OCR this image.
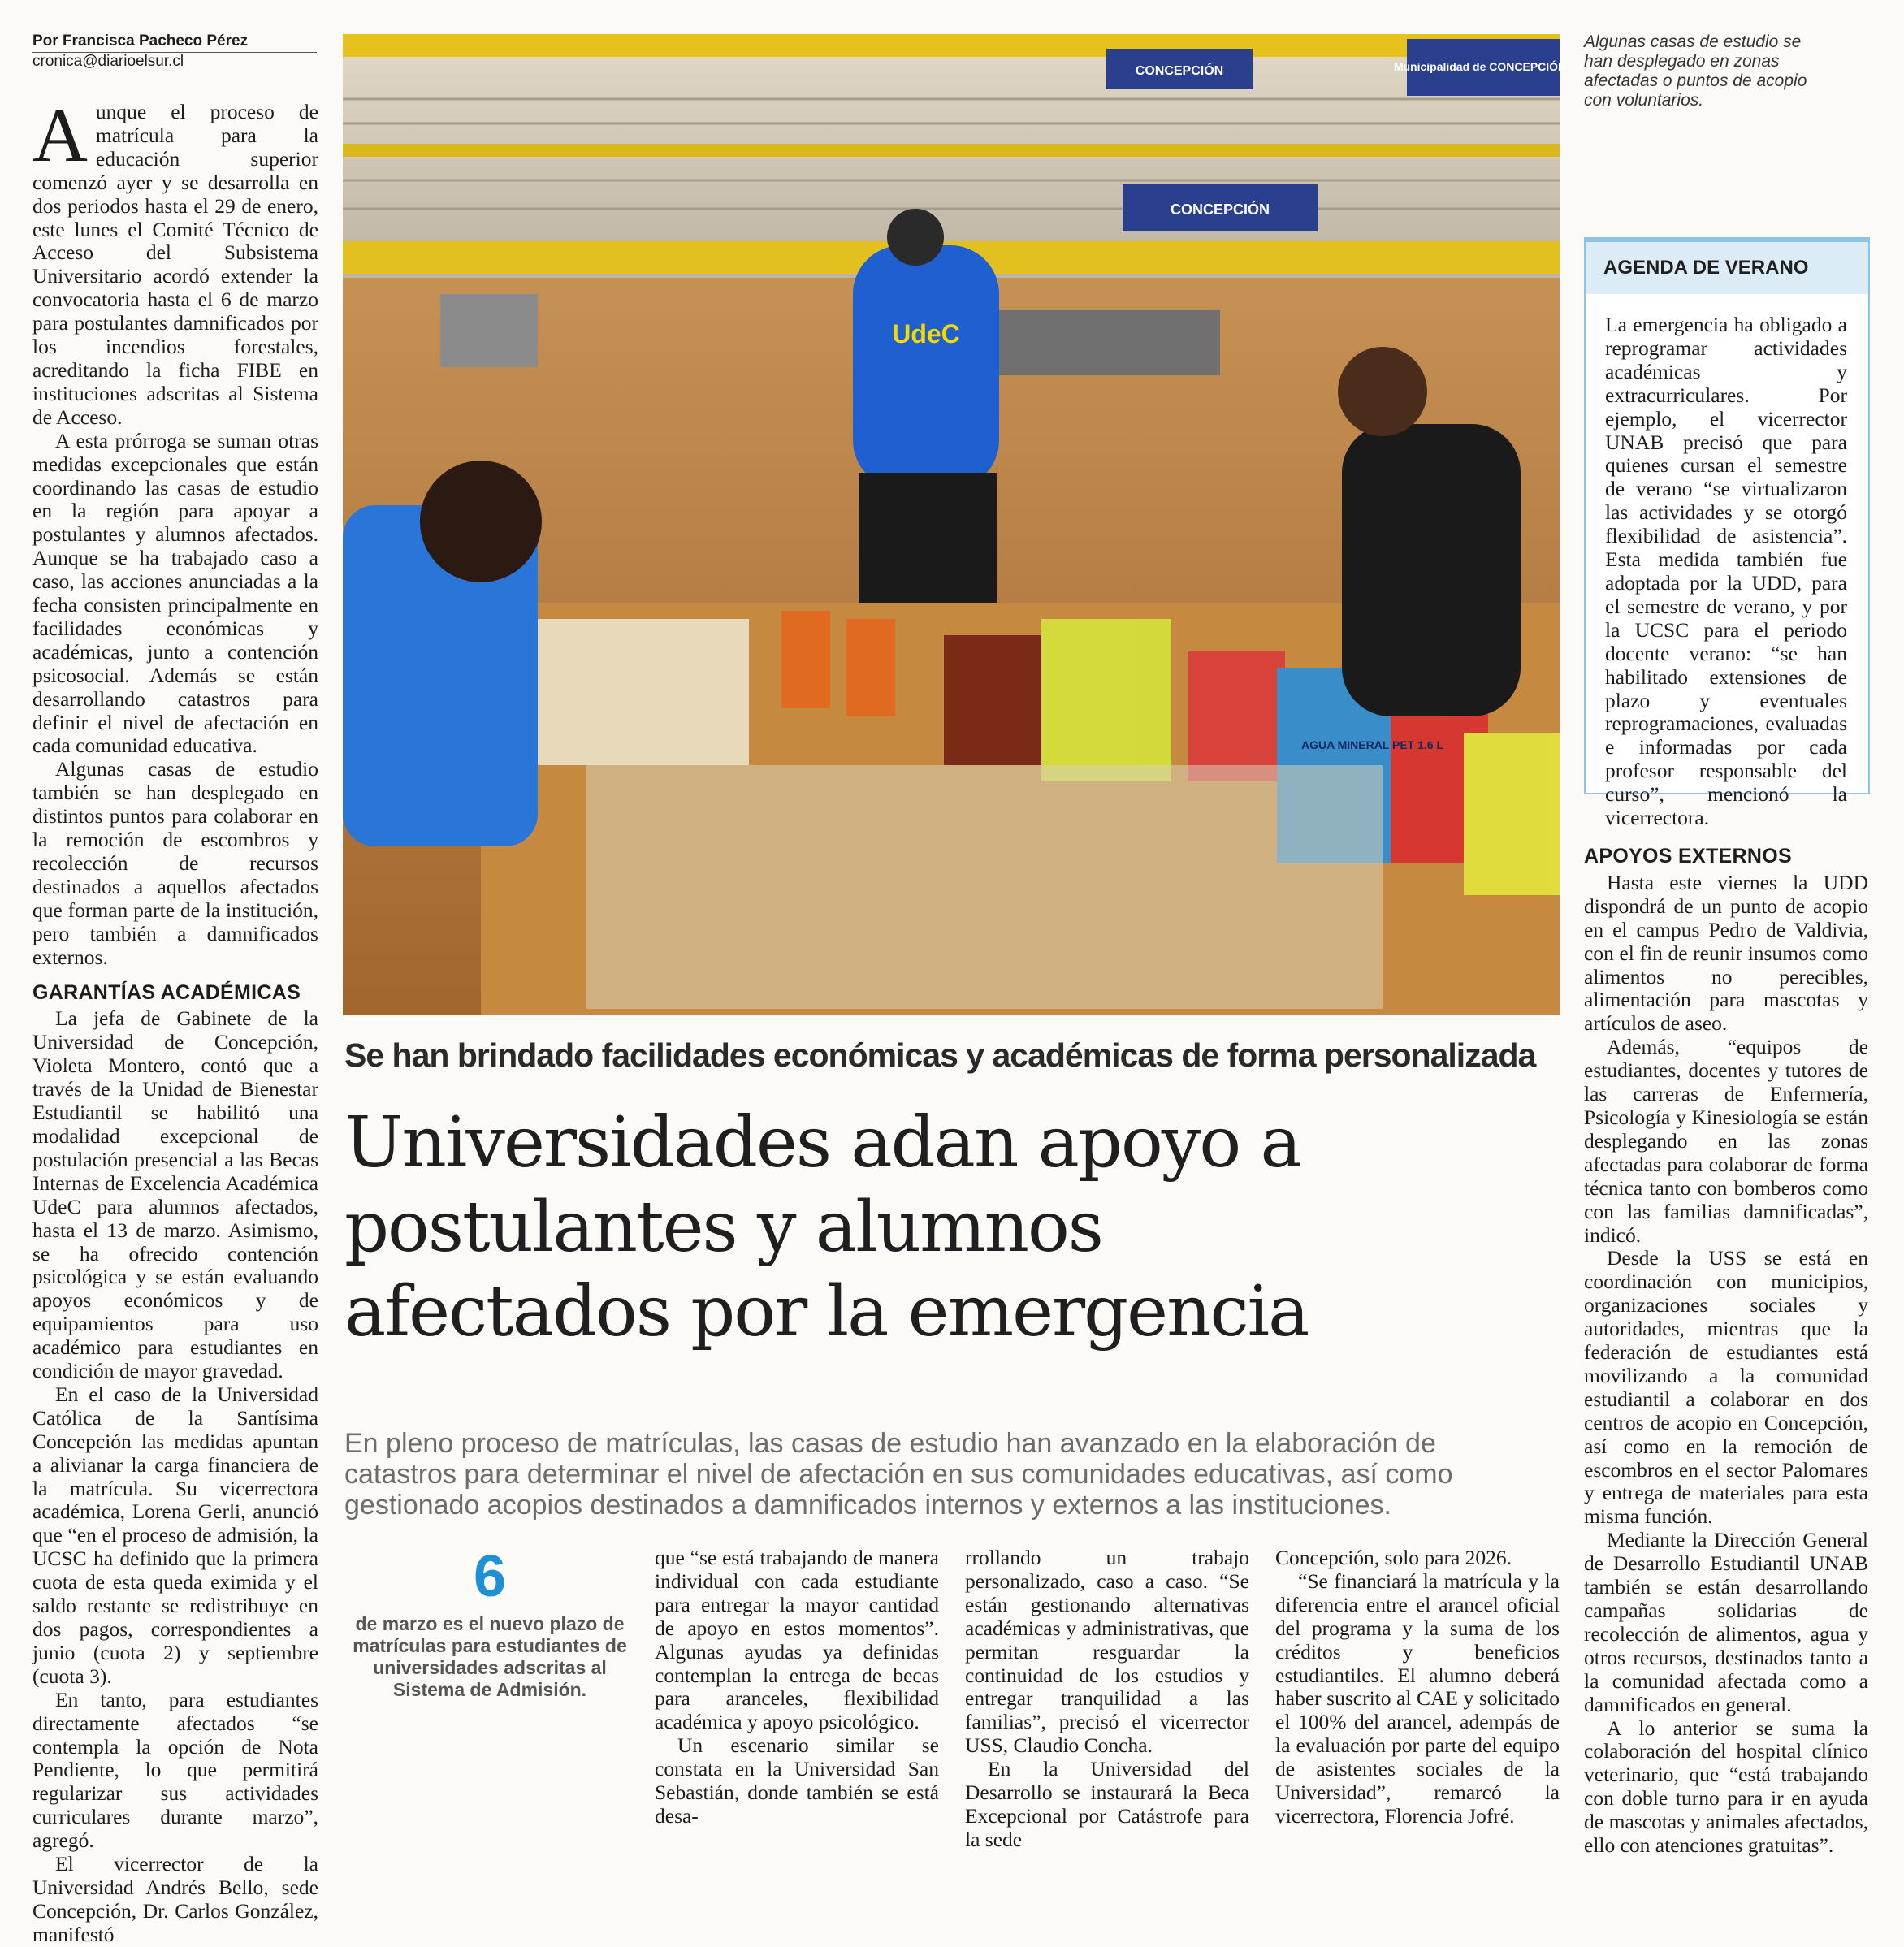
Por Francisca Pacheco Pérez
cronica@diarioelsur.cl

Aunque el proceso de matrícula para la educación superior comenzó ayer y se desarrolla en dos periodos hasta el 29 de enero, este lunes el Comité Técnico de Acceso del Subsistema Universitario acordó extender la convocatoria hasta el 6 de marzo para postulantes damnificados por los incendios forestales, acreditando la ficha FIBE en instituciones adscritas al Sistema de Acceso.

A esta prórroga se suman otras medidas excepcionales que están coordinando las casas de estudio en la región para apoyar a postulantes y alumnos afectados. Aunque se ha trabajado caso a caso, las acciones anunciadas a la fecha consisten principalmente en facilidades económicas y académicas, junto a contención psicosocial. Además se están desarrollando catastros para definir el nivel de afectación en cada comunidad educativa.

Algunas casas de estudio también se han desplegado en distintos puntos para colaborar en la remoción de escombros y recolección de recursos destinados a aquellos afectados que forman parte de la institución, pero también a damnificados externos.

GARANTÍAS ACADÉMICAS

La jefa de Gabinete de la Universidad de Concepción, Violeta Montero, contó que a través de la Unidad de Bienestar Estudiantil se habilitó una modalidad excepcional de postulación presencial a las Becas Internas de Excelencia Académica UdeC para alumnos afectados, hasta el 13 de marzo. Asimismo, se ha ofrecido contención psicológica y se están evaluando apoyos económicos y de equipamientos para uso académico para estudiantes en condición de mayor gravedad.

En el caso de la Universidad Católica de la Santísima Concepción las medidas apuntan a alivianar la carga financiera de la matrícula. Su vicerrectora académica, Lorena Gerli, anunció que “en el proceso de admisión, la UCSC ha definido que la primera cuota de esta queda eximida y el saldo restante se redistribuye en dos pagos, correspondientes a junio (cuota 2) y septiembre (cuota 3).

En tanto, para estudiantes directamente afectados “se contempla la opción de Nota Pendiente, lo que permitirá regularizar sus actividades curriculares durante marzo”, agregó.

El vicerrector de la Universidad Andrés Bello, sede Concepción, Dr. Carlos González, manifestó

CONCEPCIÓN
CONCEPCIÓN
Municipalidad de CONCEPCIÓN
UdeC
AGUA MINERAL PET 1.6 L
Algunas casas de estudio se han desplegado en zonas afectadas o puntos de acopio con voluntarios.
Se han brindado facilidades económicas y académicas de forma personalizada
Universidades adan apoyo a
postulantes y alumnos
afectados por la emergencia
En pleno proceso de matrículas, las casas de estudio han avanzado en la elaboración de catastros para determinar el nivel de afectación en sus comunidades educativas, así como gestionado acopios destinados a damnificados internos y externos a las instituciones.
6
de marzo es el nuevo plazo de matrículas para estudiantes de universidades adscritas al Sistema de Admisión.

que “se está trabajando de manera individual con cada estudiante para entregar la mayor cantidad de apoyo en estos momentos”. Algunas ayudas ya definidas contemplan la entrega de becas para aranceles, flexibilidad académica y apoyo psicológico.

Un escenario similar se constata en la Universidad San Sebastián, donde también se está desa-

rrollando un trabajo personalizado, caso a caso. “Se están gestionando alternativas académicas y administrativas, que permitan resguardar la continuidad de los estudios y entregar tranquilidad a las familias”, precisó el vicerrector USS, Claudio Concha.

En la Universidad del Desarrollo se instaurará la Beca Excepcional por Catástrofe para la sede

Concepción, solo para 2026.

“Se financiará la matrícula y la diferencia entre el arancel oficial del programa y la suma de los créditos y beneficios estudiantiles. El alumno deberá haber suscrito al CAE y solicitado el 100% del arancel, adempás de la evaluación por parte del equipo de asistentes sociales de la Universidad”, remarcó la vicerrectora, Florencia Jofré.

AGENDA DE VERANO

La emergencia ha obligado a reprogramar actividades académicas y extracurriculares. Por ejemplo, el vicerrector UNAB precisó que para quienes cursan el semestre de verano “se virtualizaron las actividades y se otorgó flexibilidad de asistencia”. Esta medida también fue adoptada por la UDD, para el semestre de verano, y por la UCSC para el periodo docente verano: “se han habilitado extensiones de plazo y eventuales reprogramaciones, evaluadas e informadas por cada profesor responsable del curso”, mencionó la vicerrectora.

APOYOS EXTERNOS

Hasta este viernes la UDD dispondrá de un punto de acopio en el campus Pedro de Valdivia, con el fin de reunir insumos como alimentos no perecibles, alimentación para mascotas y artículos de aseo.

Además, “equipos de estudiantes, docentes y tutores de las carreras de Enfermería, Psicología y Kinesiología se están desplegando en las zonas afectadas para colaborar de forma técnica tanto con bomberos como con las familias damnificadas”, indicó.

Desde la USS se está en coordinación con municipios, organizaciones sociales y autoridades, mientras que la federación de estudiantes está movilizando a la comunidad estudiantil a colaborar en dos centros de acopio en Concepción, así como en la remoción de escombros en el sector Palomares y entrega de materiales para esta misma función.

Mediante la Dirección General de Desarrollo Estudiantil UNAB también se están desarrollando campañas solidarias de recolección de alimentos, agua y otros recursos, destinados tanto a la comunidad afectada como a damnificados en general.

A lo anterior se suma la colaboración del hospital clínico veterinario, que “está trabajando con doble turno para ir en ayuda de mascotas y animales afectados, ello con atenciones gratuitas”.
